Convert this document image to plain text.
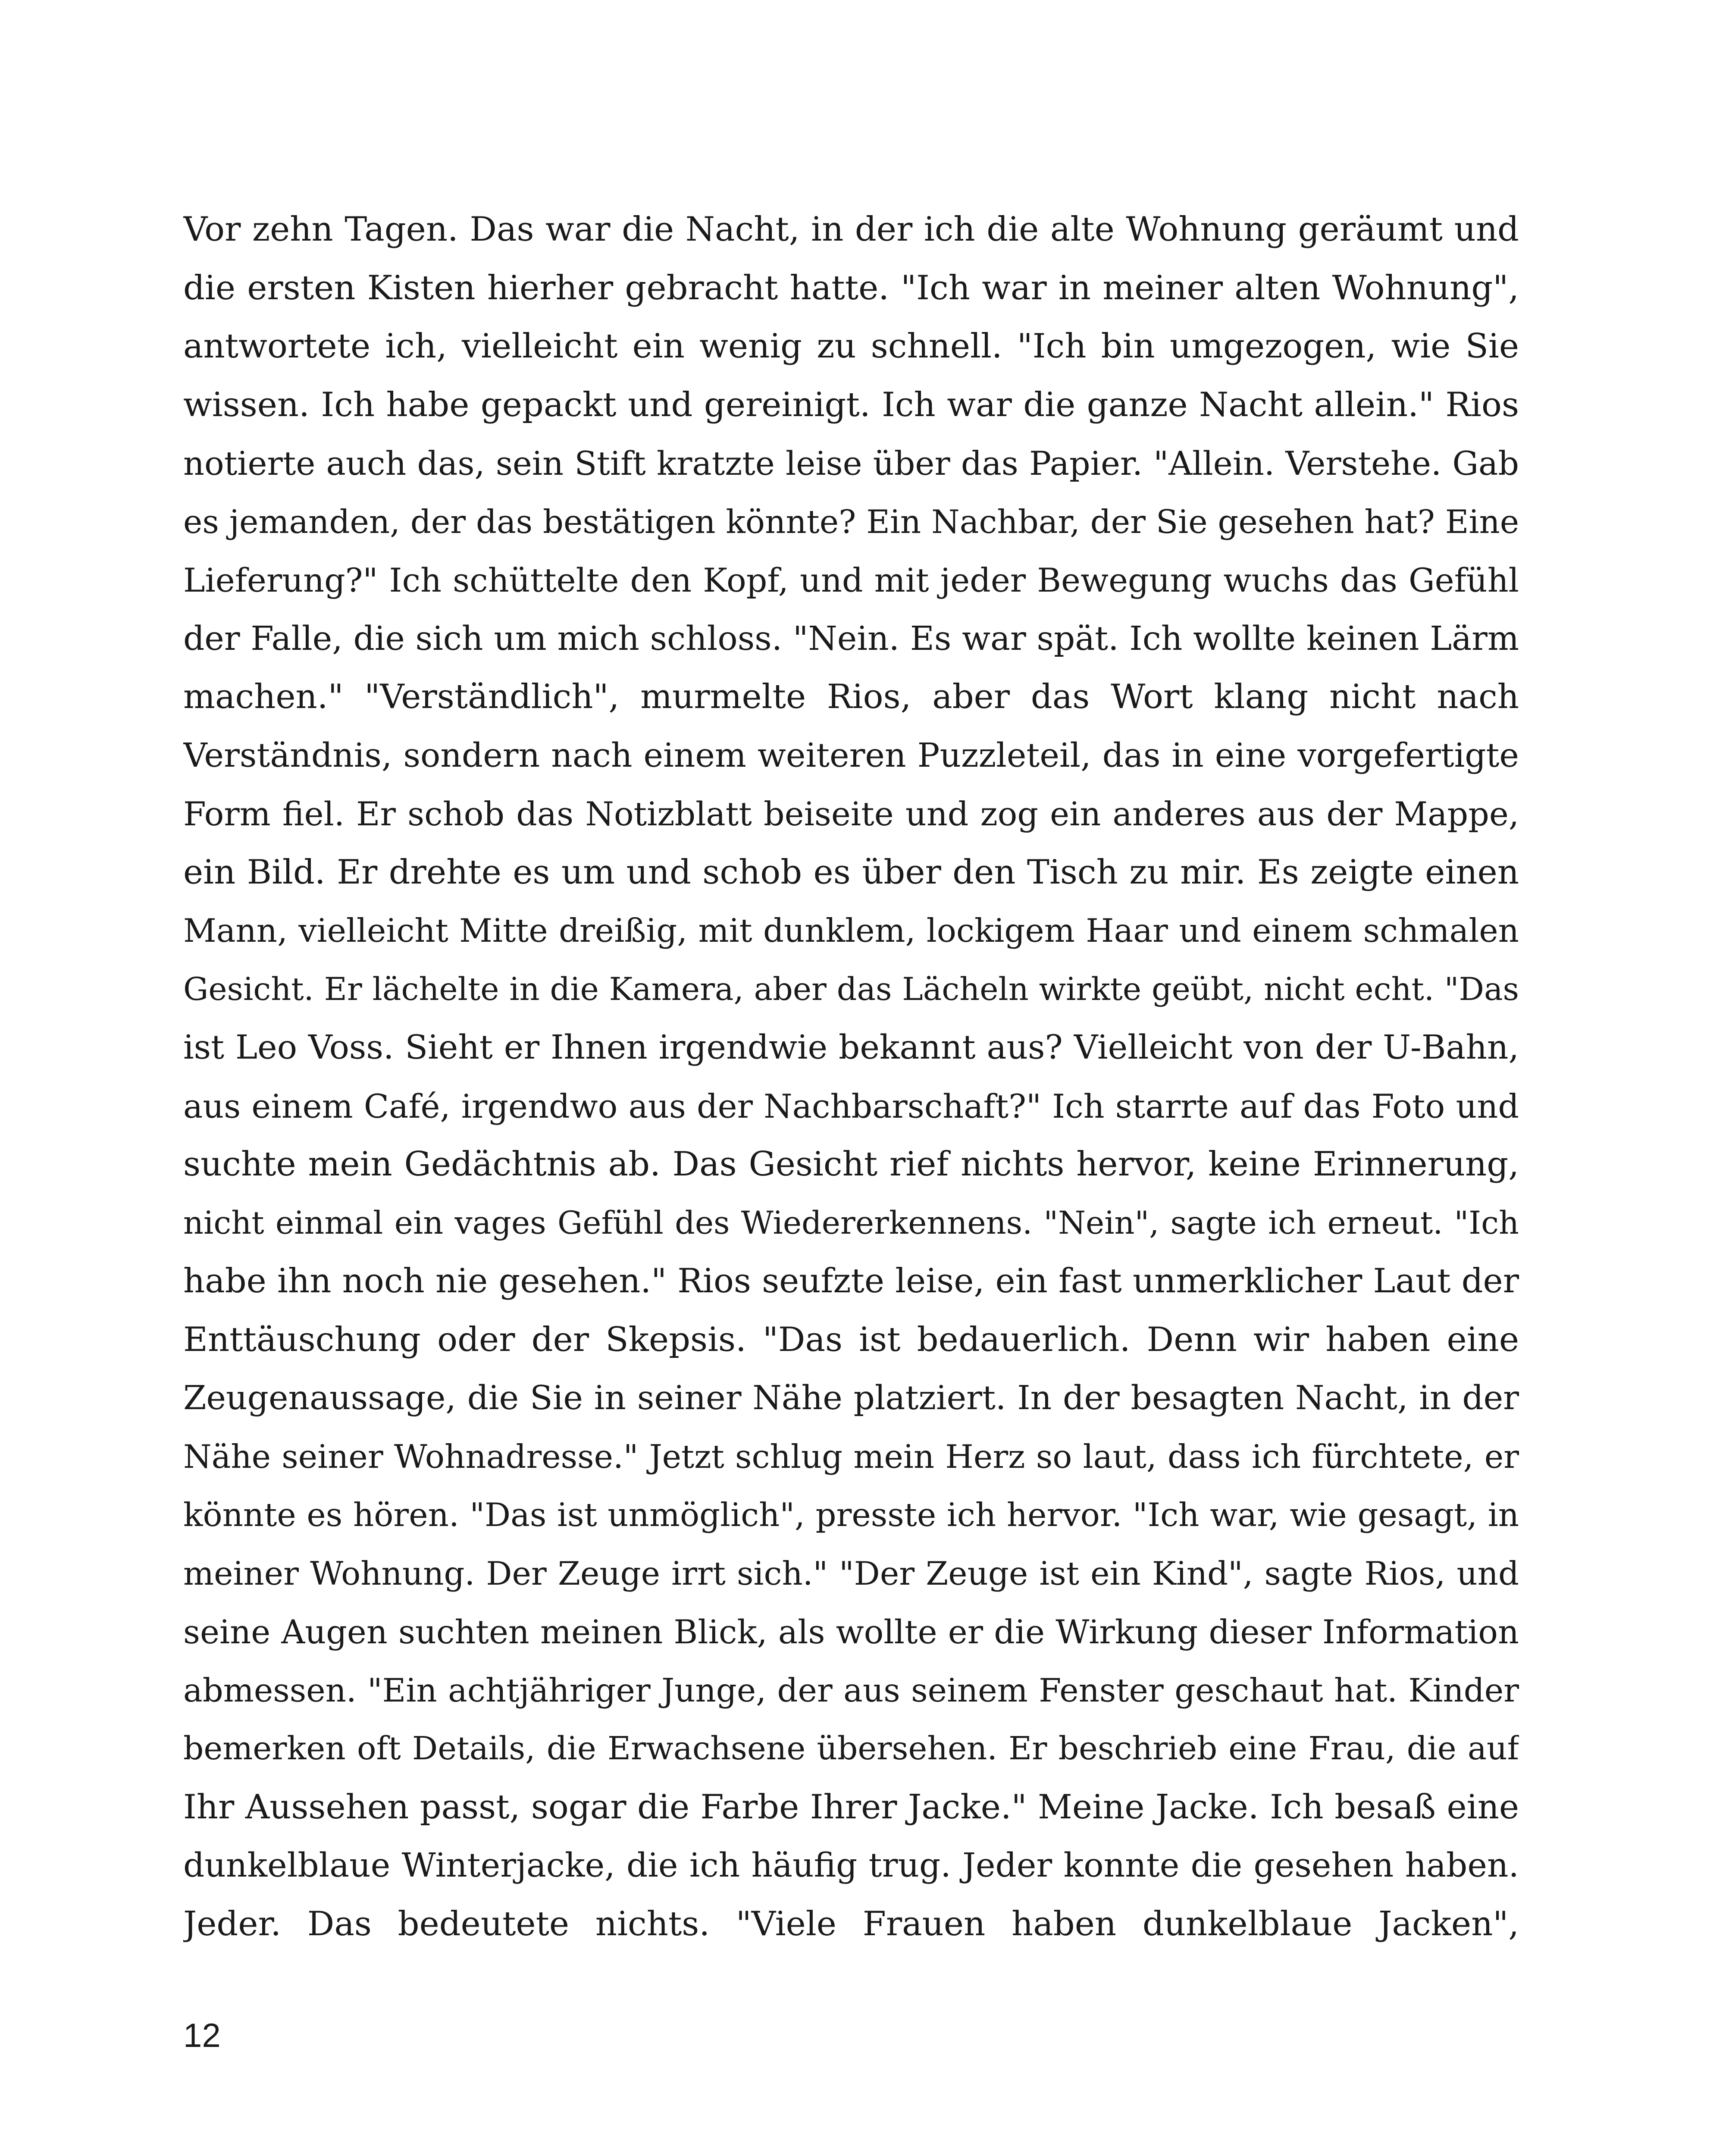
Vor zehn Tagen. Das war die Nacht, in der ich die alte Wohnung geräumt und
die ersten Kisten hierher gebracht hatte. "Ich war in meiner alten Wohnung",
antwortete ich, vielleicht ein wenig zu schnell. "Ich bin umgezogen, wie Sie
wissen. Ich habe gepackt und gereinigt. Ich war die ganze Nacht allein." Rios
notierte auch das, sein Stift kratzte leise über das Papier. "Allein. Verstehe. Gab
es jemanden, der das bestätigen könnte? Ein Nachbar, der Sie gesehen hat? Eine
Lieferung?" Ich schüttelte den Kopf, und mit jeder Bewegung wuchs das Gefühl
der Falle, die sich um mich schloss. "Nein. Es war spät. Ich wollte keinen Lärm
machen." "Verständlich", murmelte Rios, aber das Wort klang nicht nach
Verständnis, sondern nach einem weiteren Puzzleteil, das in eine vorgefertigte
Form fiel. Er schob das Notizblatt beiseite und zog ein anderes aus der Mappe,
ein Bild. Er drehte es um und schob es über den Tisch zu mir. Es zeigte einen
Mann, vielleicht Mitte dreißig, mit dunklem, lockigem Haar und einem schmalen
Gesicht. Er lächelte in die Kamera, aber das Lächeln wirkte geübt, nicht echt. "Das
ist Leo Voss. Sieht er Ihnen irgendwie bekannt aus? Vielleicht von der U-Bahn,
aus einem Café, irgendwo aus der Nachbarschaft?" Ich starrte auf das Foto und
suchte mein Gedächtnis ab. Das Gesicht rief nichts hervor, keine Erinnerung,
nicht einmal ein vages Gefühl des Wiedererkennens. "Nein", sagte ich erneut. "Ich
habe ihn noch nie gesehen." Rios seufzte leise, ein fast unmerklicher Laut der
Enttäuschung oder der Skepsis. "Das ist bedauerlich. Denn wir haben eine
Zeugenaussage, die Sie in seiner Nähe platziert. In der besagten Nacht, in der
Nähe seiner Wohnadresse." Jetzt schlug mein Herz so laut, dass ich fürchtete, er
könnte es hören. "Das ist unmöglich", presste ich hervor. "Ich war, wie gesagt, in
meiner Wohnung. Der Zeuge irrt sich." "Der Zeuge ist ein Kind", sagte Rios, und
seine Augen suchten meinen Blick, als wollte er die Wirkung dieser Information
abmessen. "Ein achtjähriger Junge, der aus seinem Fenster geschaut hat. Kinder
bemerken oft Details, die Erwachsene übersehen. Er beschrieb eine Frau, die auf
Ihr Aussehen passt, sogar die Farbe Ihrer Jacke." Meine Jacke. Ich besaß eine
dunkelblaue Winterjacke, die ich häufig trug. Jeder konnte die gesehen haben.
Jeder. Das bedeutete nichts. "Viele Frauen haben dunkelblaue Jacken",
12
